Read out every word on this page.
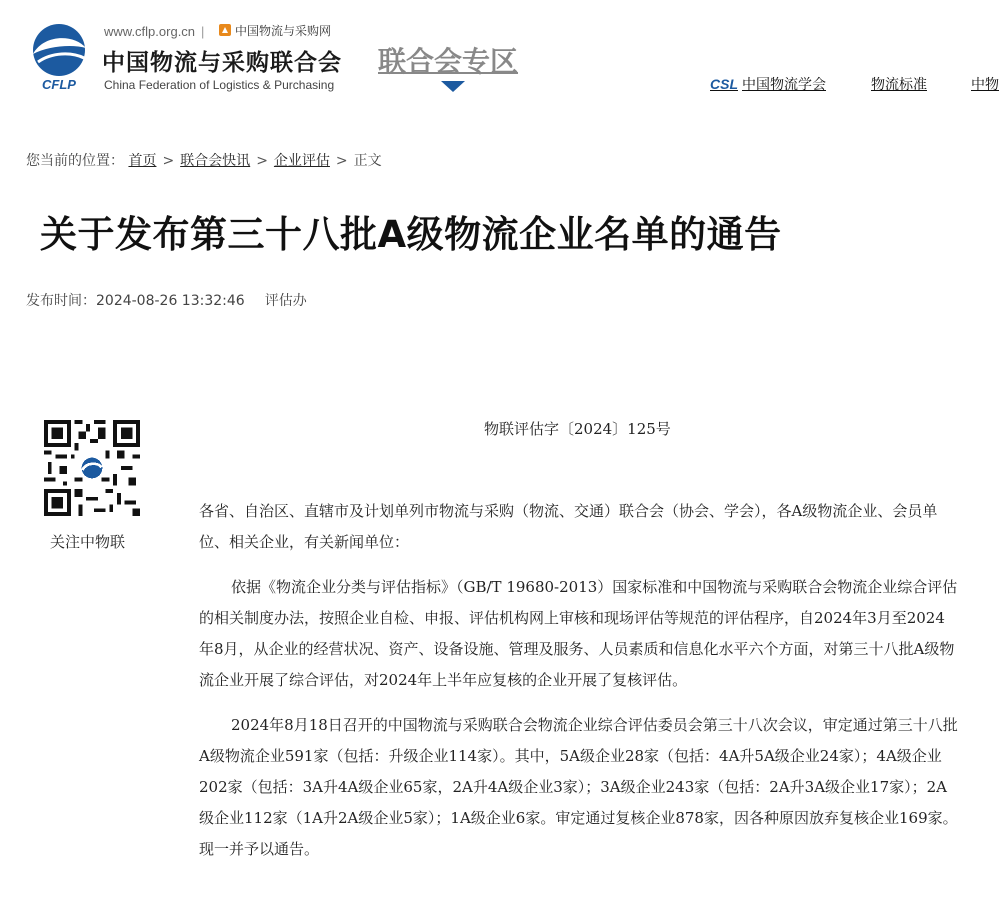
CFLP
www.cflp.org.cn |	中国物流与采购网
中国物流与采购联合会
China Federation of Logistics & Purchasing
联合会专区
CSL 中国物流学会	物流标准	中物
您当前的位置： 首页 > 联合会快讯 > 企业评估 > 正文
关于发布第三十八批A级物流企业名单的通告
发布时间：2024-08-26 13:32:46 评估办
关注中物联
物联评估字〔2024〕125号

各省、自治区、直辖市及计划单列市物流与采购（物流、交通）联合会（协会、学会），各A级物流企业、会员单位、相关企业，有关新闻单位：

依据《物流企业分类与评估指标》（GB/T 19680-2013）国家标准和中国物流与采购联合会物流企业综合评估的相关制度办法，按照企业自检、申报、评估机构网上审核和现场评估等规范的评估程序，自2024年3月至2024年8月，从企业的经营状况、资产、设备设施、管理及服务、人员素质和信息化水平六个方面，对第三十八批A级物流企业开展了综合评估，对2024年上半年应复核的企业开展了复核评估。

2024年8月18日召开的中国物流与采购联合会物流企业综合评估委员会第三十八次会议，审定通过第三十八批A级物流企业591家（包括：升级企业114家）。其中，5A级企业28家（包括：4A升5A级企业24家）；4A级企业202家（包括：3A升4A级企业65家，2A升4A级企业3家）；3A级企业243家（包括：2A升3A级企业17家）；2A级企业112家（1A升2A级企业5家）；1A级企业6家。审定通过复核企业878家，因各种原因放弃复核企业169家。现一并予以通告。
